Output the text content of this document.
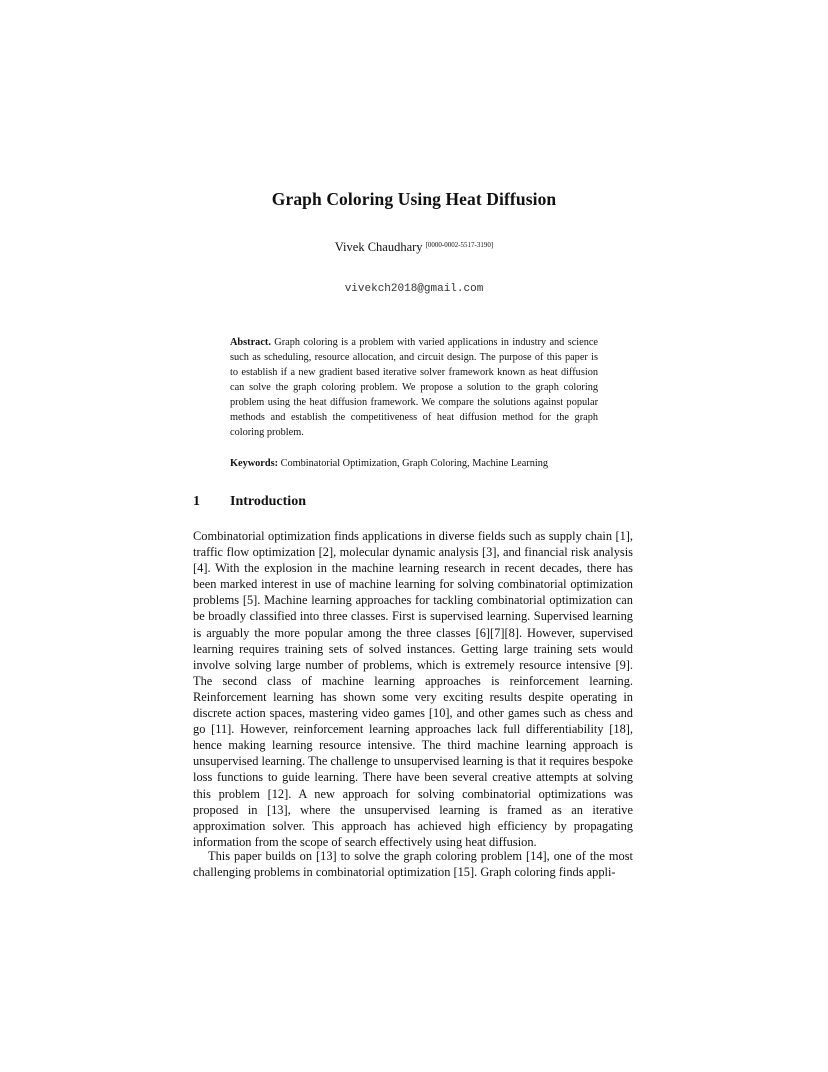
Graph Coloring Using Heat Diffusion
Vivek Chaudhary [0000-0002-5517-3190]
vivekch2018@gmail.com
Abstract. Graph coloring is a problem with varied applications in industry and science such as scheduling, resource allocation, and circuit design. The purpose of this paper is to establish if a new gradient based iterative solver framework known as heat diffusion can solve the graph coloring problem. We propose a solution to the graph coloring problem using the heat diffusion framework. We compare the solutions against popular methods and establish the competitiveness of heat diffusion method for the graph coloring problem.
Keywords: Combinatorial Optimization, Graph Coloring, Machine Learning
1 Introduction
Combinatorial optimization finds applications in diverse fields such as supply chain [1], traffic flow optimization [2], molecular dynamic analysis [3], and financial risk analysis [4]. With the explosion in the machine learning research in recent decades, there has been marked interest in use of machine learning for solving combinatorial optimization problems [5]. Machine learning approaches for tackling combinatorial optimization can be broadly classified into three classes. First is supervised learning. Supervised learning is arguably the more popular among the three classes [6][7][8]. However, supervised learning requires training sets of solved instances. Getting large training sets would involve solving large number of problems, which is extremely resource intensive [9]. The second class of machine learning approaches is reinforcement learning. Reinforcement learning has shown some very exciting results despite operating in discrete action spaces, mastering video games [10], and other games such as chess and go [11]. However, reinforcement learning approaches lack full differentiability [18], hence making learning resource intensive. The third machine learning approach is unsupervised learning. The challenge to unsupervised learning is that it requires bespoke loss functions to guide learning. There have been several creative attempts at solving this problem [12]. A new approach for solving combinatorial optimizations was proposed in [13], where the unsupervised learning is framed as an iterative approximation solver. This approach has achieved high efficiency by propagating information from the scope of search effectively using heat diffusion.
This paper builds on [13] to solve the graph coloring problem [14], one of the most challenging problems in combinatorial optimization [15]. Graph coloring finds appli-
